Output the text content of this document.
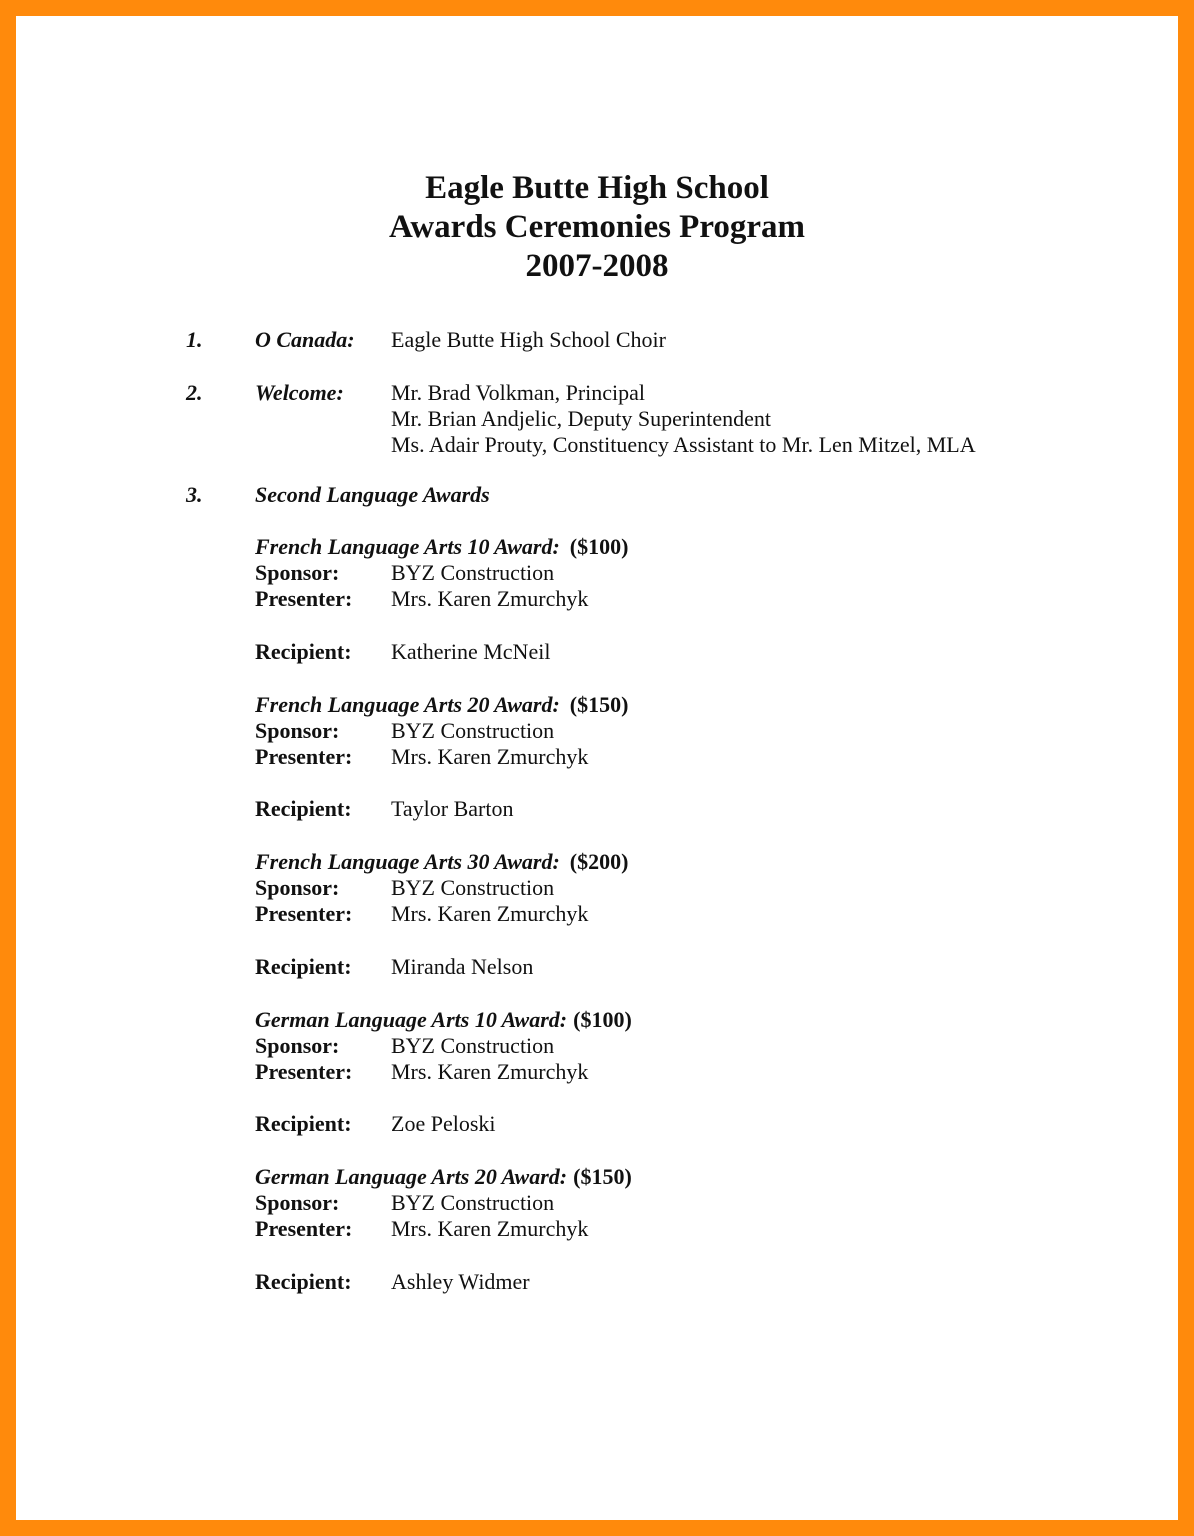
Eagle Butte High School
Awards Ceremonies Program
2007-2008
1. O Canada: Eagle Butte High School Choir
2. Welcome: Mr. Brad Volkman, Principal
Mr. Brian Andjelic, Deputy Superintendent
Ms. Adair Prouty, Constituency Assistant to Mr. Len Mitzel, MLA
3. Second Language Awards
French Language Arts 10 Award: ($100)
Sponsor: BYZ Construction
Presenter: Mrs. Karen Zmurchyk
Recipient: Katherine McNeil
French Language Arts 20 Award: ($150)
Sponsor: BYZ Construction
Presenter: Mrs. Karen Zmurchyk
Recipient: Taylor Barton
French Language Arts 30 Award: ($200)
Sponsor: BYZ Construction
Presenter: Mrs. Karen Zmurchyk
Recipient: Miranda Nelson
German Language Arts 10 Award: ($100)
Sponsor: BYZ Construction
Presenter: Mrs. Karen Zmurchyk
Recipient: Zoe Peloski
German Language Arts 20 Award: ($150)
Sponsor: BYZ Construction
Presenter: Mrs. Karen Zmurchyk
Recipient: Ashley Widmer
